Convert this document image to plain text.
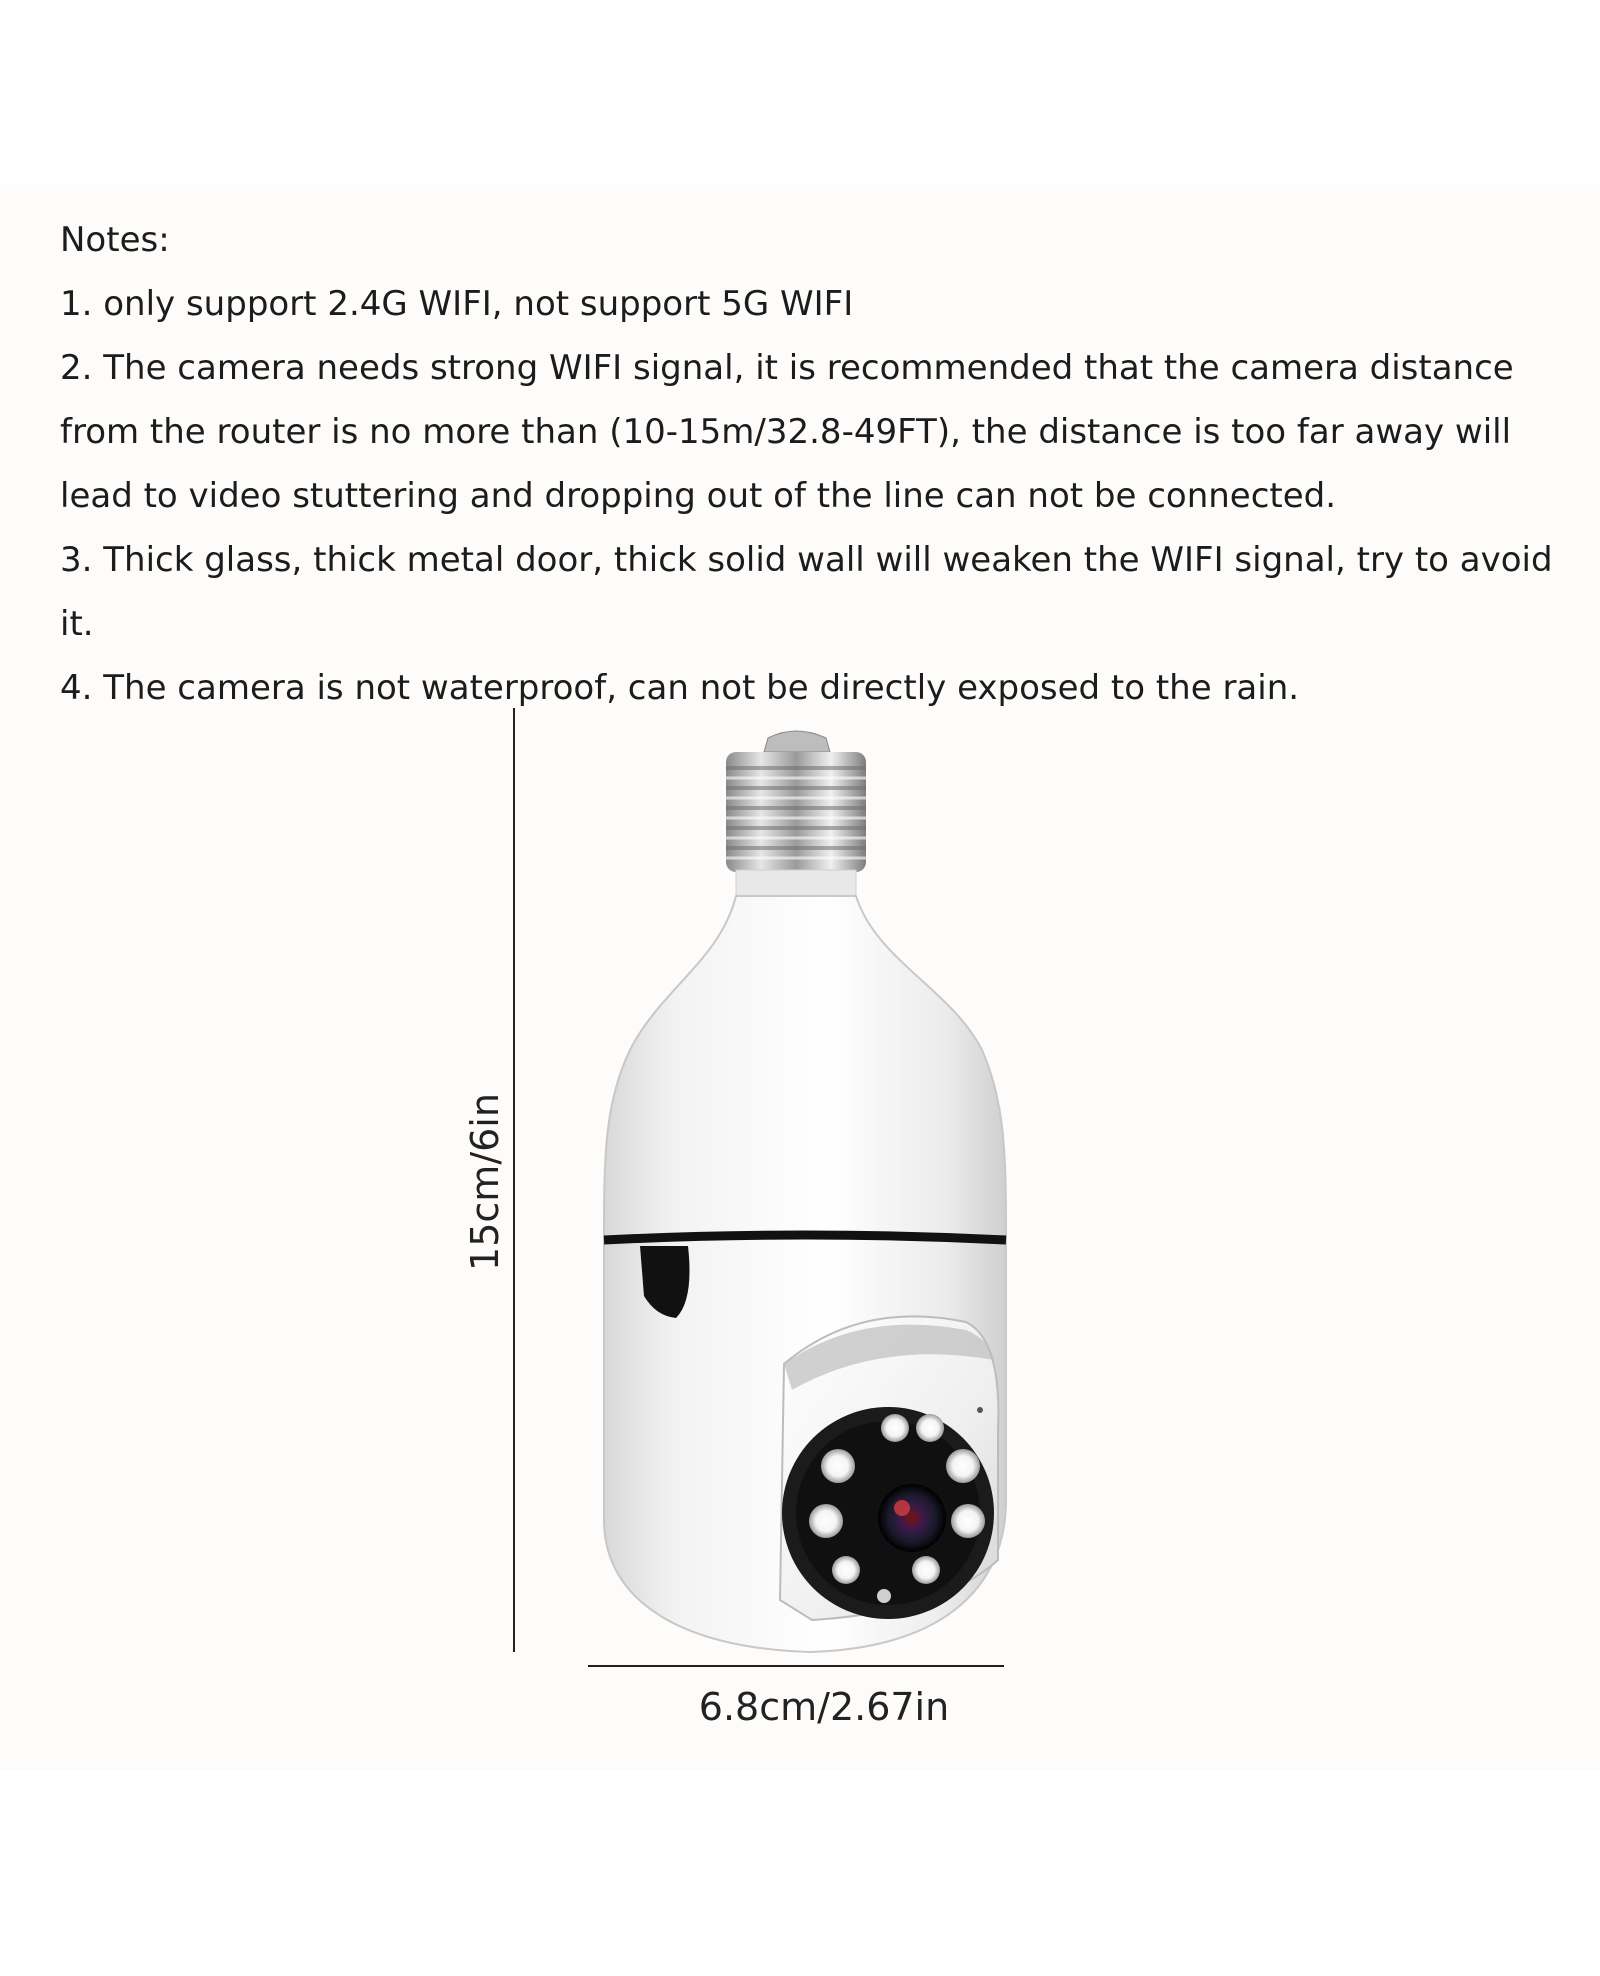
Notes:

1. only support 2.4G WIFI, not support 5G WIFI

2. The camera needs strong WIFI signal, it is recommended that the camera distance from the router is no more than (10-15m/32.8-49FT), the distance is too far away will lead to video stuttering and dropping out of the line can not be connected.

3. Thick glass, thick metal door, thick solid wall will weaken the WIFI signal, try to avoid it.

4. The camera is not waterproof, can not be directly exposed to the rain.

15cm/6in
6.8cm/2.67in
